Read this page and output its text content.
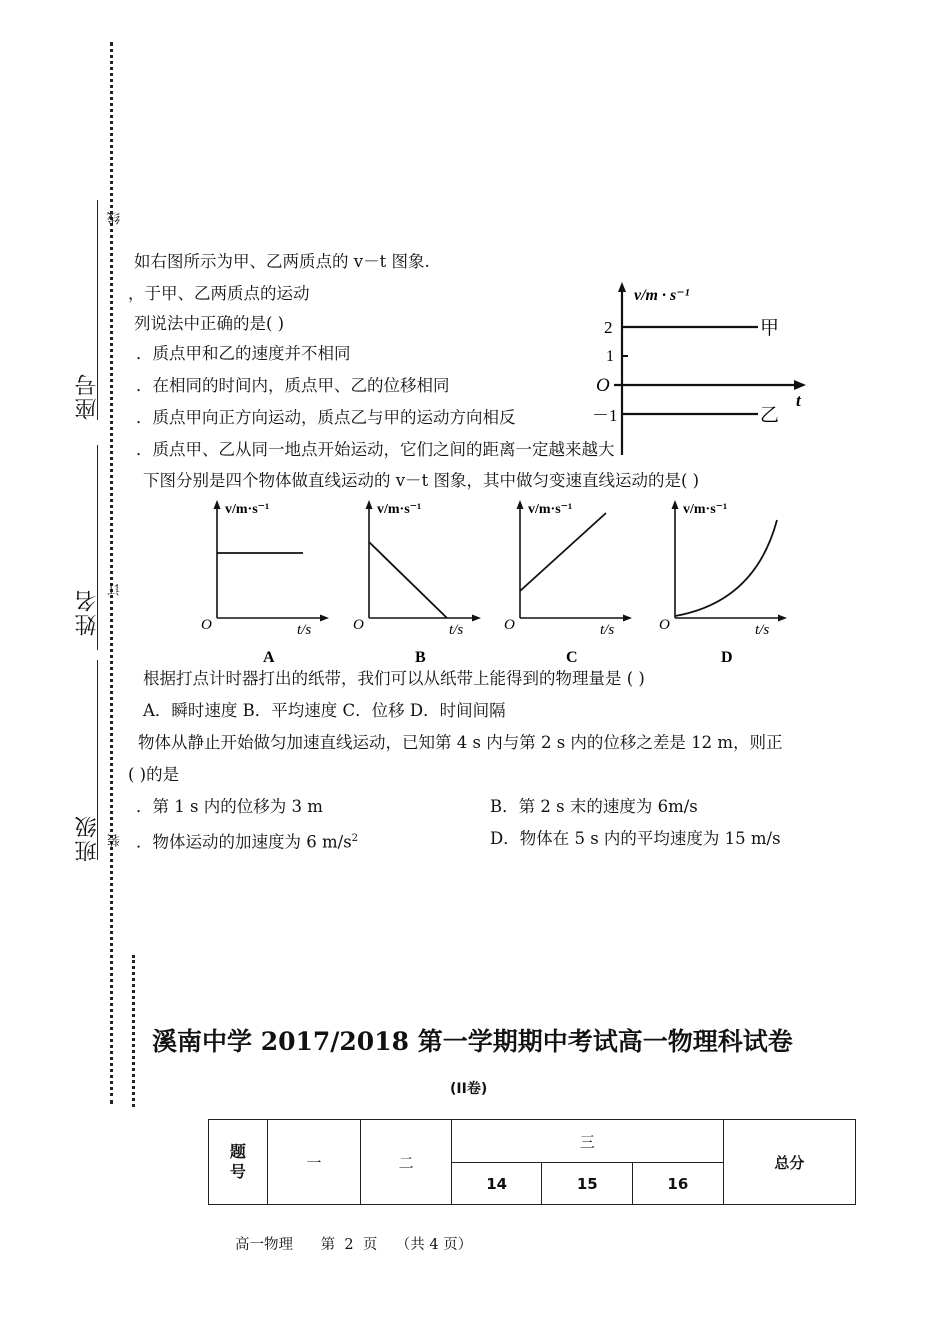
线
订
装
座号
姓名
班级
如右图所示为甲、乙两质点的 v－t 图象.
于甲、乙两质点的运动，
列说法中正确的是( )
．质点甲和乙的速度并不相同
．在相同的时间内，质点甲、乙的位移相同
．质点甲向正方向运动，质点乙与甲的运动方向相反
．质点甲、乙从同一地点开始运动，它们之间的距离一定越来越大
v/m · s⁻¹
t
O
2
1
－1
甲
乙
下图分别是四个物体做直线运动的 v－t 图象，其中做匀变速直线运动的是( )
v/m·s⁻¹
t/s
O
A
v/m·s⁻¹
t/s
O
B
v/m·s⁻¹
t/s
O
C
v/m·s⁻¹
t/s
O
D
根据打点计时器打出的纸带，我们可以从纸带上能得到的物理量是 ( )
A．瞬时速度 B．平均速度 C．位移 D．时间间隔
物体从静止开始做匀加速直线运动，已知第 4 s 内与第 2 s 内的位移之差是 12 m，则正
的是( )
．第 1 s 内的位移为 3 m	B．第 2 s 末的速度为 6m/s
．物体运动的加速度为 6 $m/s^2$	D．物体在 5 s 内的平均速度为 15 m/s
溪南中学 2017/2018 第一学期期中考试高一物理科试卷
(II卷)
题号	一	二	三			总分
			14	15	16	
高一物理 第  2  页 （共 4 页）
